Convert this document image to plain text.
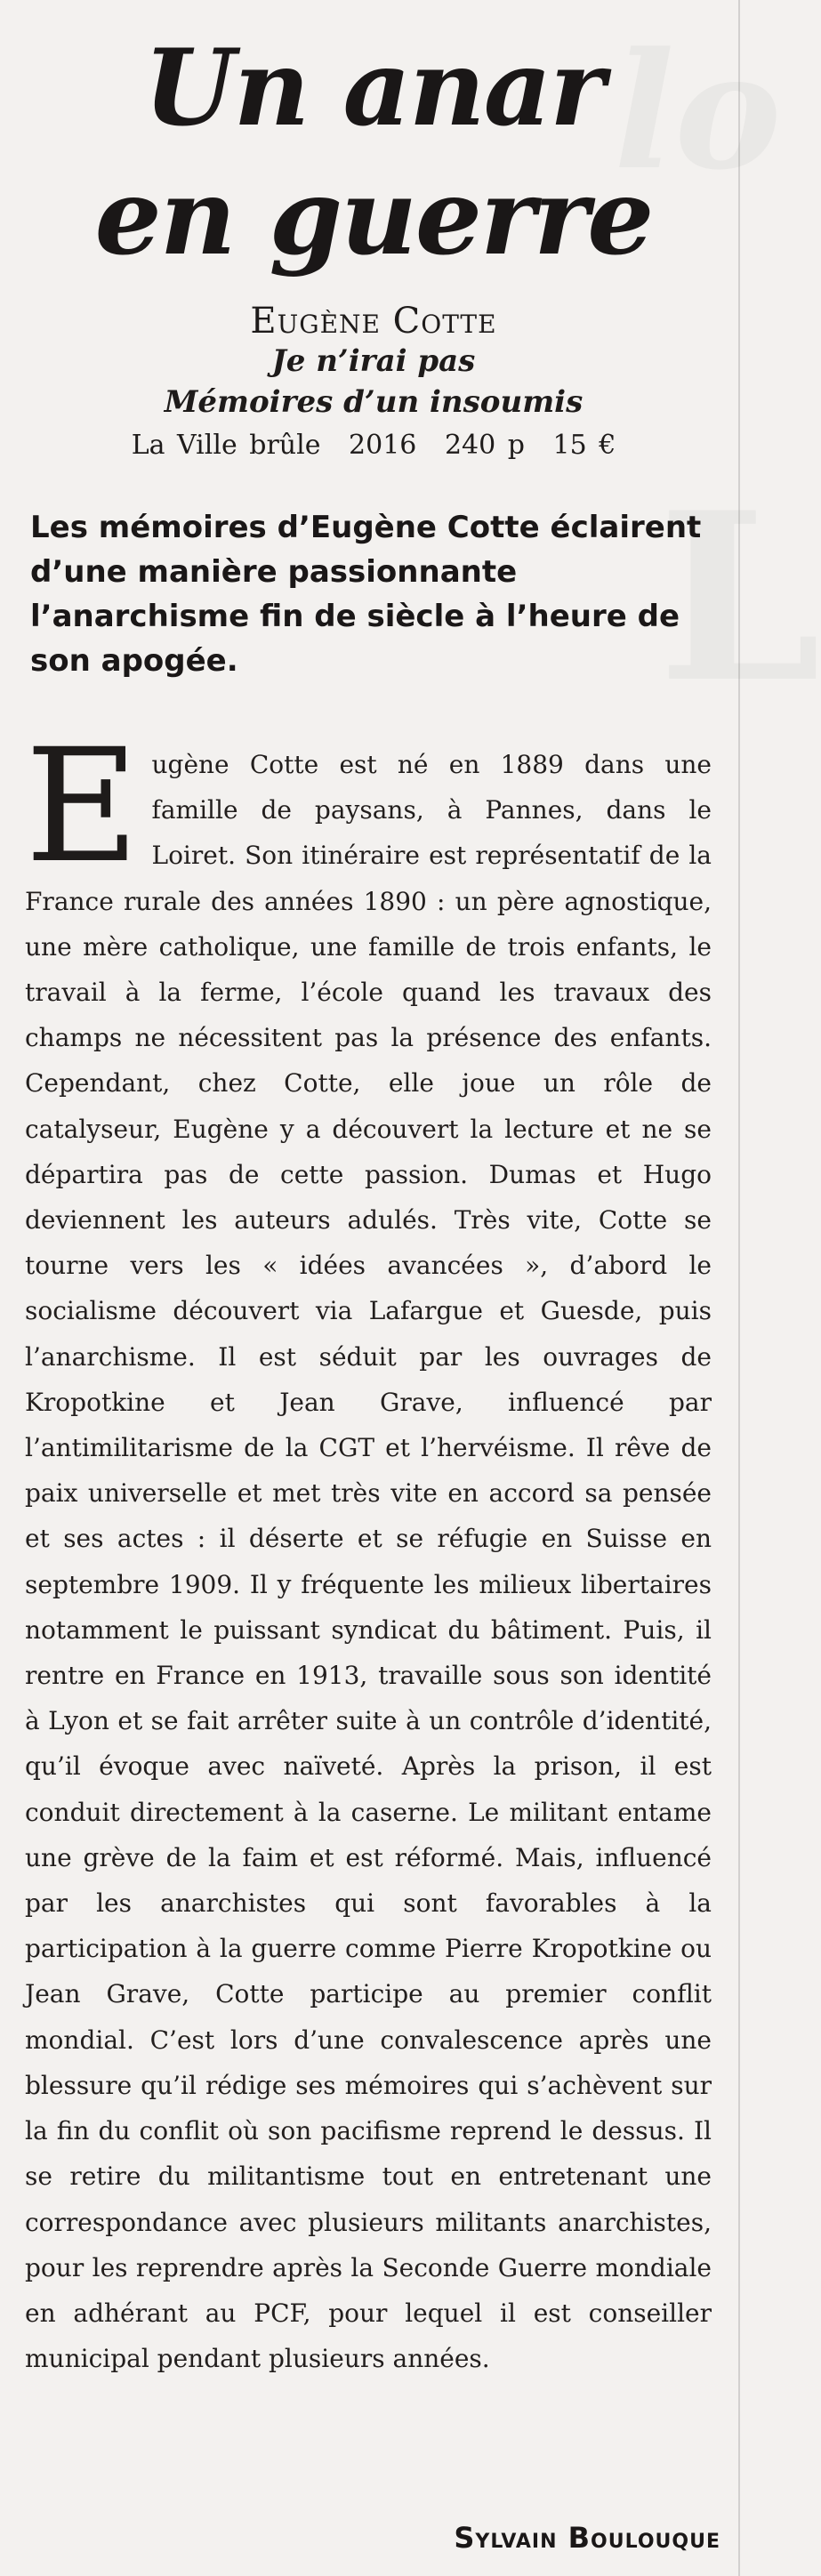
lo
L
Un anar
en guerre
Eugène Cotte
Je n’irai pas
Mémoires d’un insoumis
La Ville brûle 2016 240 p 15 €

Les mémoires d’Eugène Cotte éclairent d’une manière passionnante l’anarchisme fin de siècle à l’heure de son apogée.

Eugène Cotte est né en 1889 dans une famille de paysans, à Pannes, dans le Loiret. Son itinéraire est représentatif de la France rurale des années 1890 : un père agnostique, une mère catholique, une famille de trois enfants, le travail à la ferme, l’école quand les travaux des champs ne nécessitent pas la présence des enfants. Cependant, chez Cotte, elle joue un rôle de catalyseur, Eugène y a découvert la lecture et ne se départira pas de cette passion. Dumas et Hugo deviennent les auteurs adulés. Très vite, Cotte se tourne vers les « idées avancées », d’abord le socialisme découvert via Lafargue et Guesde, puis l’anarchisme. Il est séduit par les ouvrages de Kropotkine et Jean Grave, influencé par l’antimilitarisme de la CGT et l’hervéisme. Il rêve de paix universelle et met très vite en accord sa pensée et ses actes : il déserte et se réfugie en Suisse en septembre 1909. Il y fréquente les milieux libertaires notamment le puissant syndicat du bâtiment. Puis, il rentre en France en 1913, travaille sous son identité à Lyon et se fait arrêter suite à un contrôle d’identité, qu’il évoque avec naïveté. Après la prison, il est conduit directement à la caserne. Le militant entame une grève de la faim et est réformé. Mais, influencé par les anarchistes qui sont favorables à la participation à la guerre comme Pierre Kropotkine ou Jean Grave, Cotte participe au premier conflit mondial. C’est lors d’une convalescence après une blessure qu’il rédige ses mémoires qui s’achèvent sur la fin du conflit où son pacifisme reprend le dessus. Il se retire du militantisme tout en entretenant une correspondance avec plusieurs militants anarchistes, pour les reprendre après la Seconde Guerre mondiale en adhérant au PCF, pour lequel il est conseiller municipal pendant plusieurs années.
Sylvain Boulouque
